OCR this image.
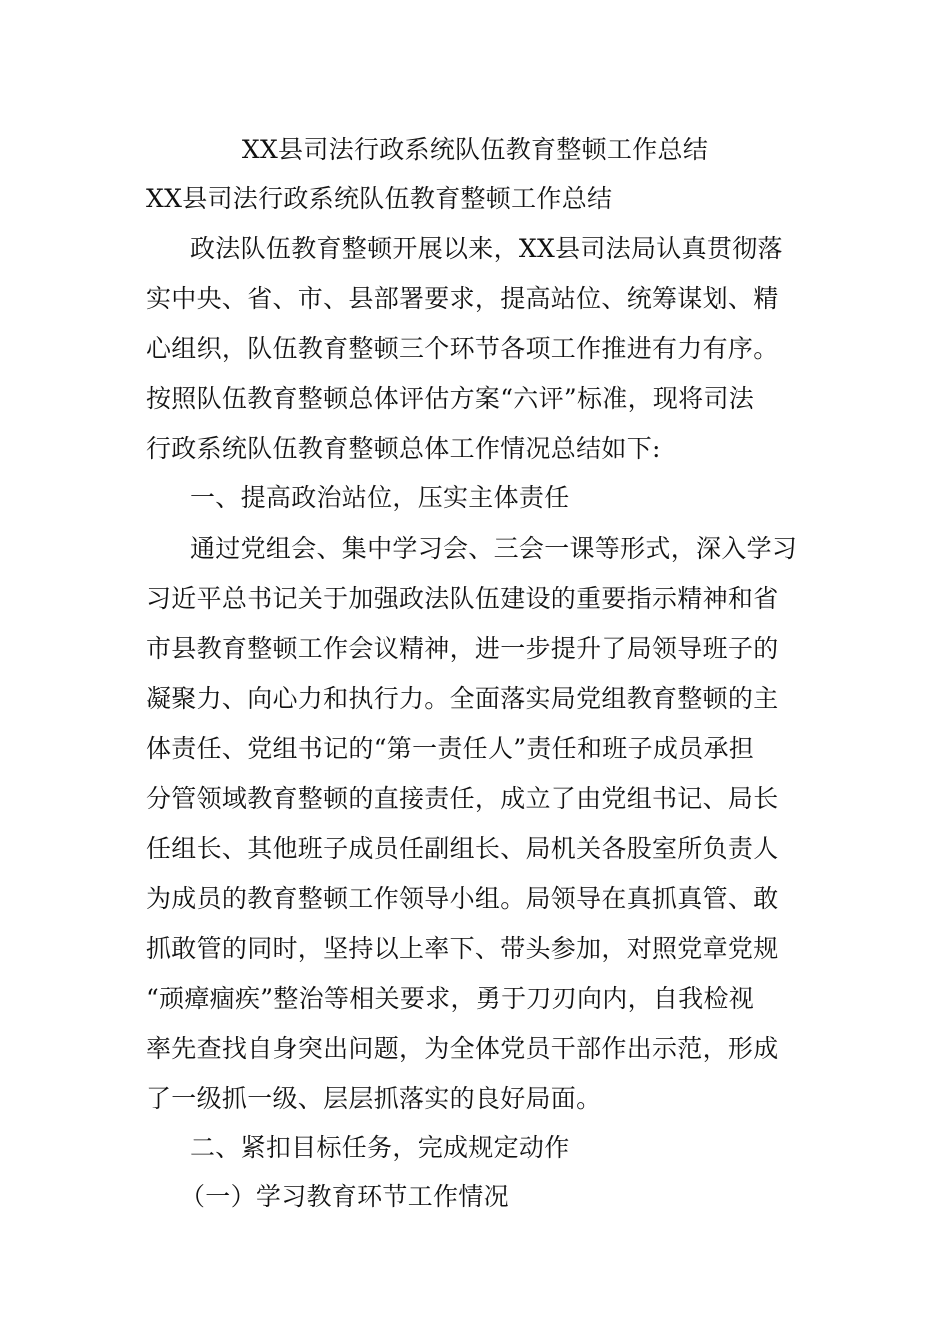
XX县司法行政系统队伍教育整顿工作总结
XX县司法行政系统队伍教育整顿工作总结
政法队伍教育整顿开展以来，XX县司法局认真贯彻落
实中央、省、市、县部署要求，提高站位、统筹谋划、精
心组织，队伍教育整顿三个环节各项工作推进有力有序。
按照队伍教育整顿总体评估方案“六评”标准，现将司法
行政系统队伍教育整顿总体工作情况总结如下:
一、提高政治站位，压实主体责任
通过党组会、集中学习会、三会一课等形式，深入学习
习近平总书记关于加强政法队伍建设的重要指示精神和省
市县教育整顿工作会议精神，进一步提升了局领导班子的
凝聚力、向心力和执行力。全面落实局党组教育整顿的主
体责任、党组书记的“第一责任人”责任和班子成员承担
分管领域教育整顿的直接责任，成立了由党组书记、局长
任组长、其他班子成员任副组长、局机关各股室所负责人
为成员的教育整顿工作领导小组。局领导在真抓真管、敢
抓敢管的同时，坚持以上率下、带头参加，对照党章党规
“顽瘴痼疾”整治等相关要求，勇于刀刃向内，自我检视
率先查找自身突出问题，为全体党员干部作出示范，形成
了一级抓一级、层层抓落实的良好局面。
二、紧扣目标任务，完成规定动作
（一）学习教育环节工作情况
